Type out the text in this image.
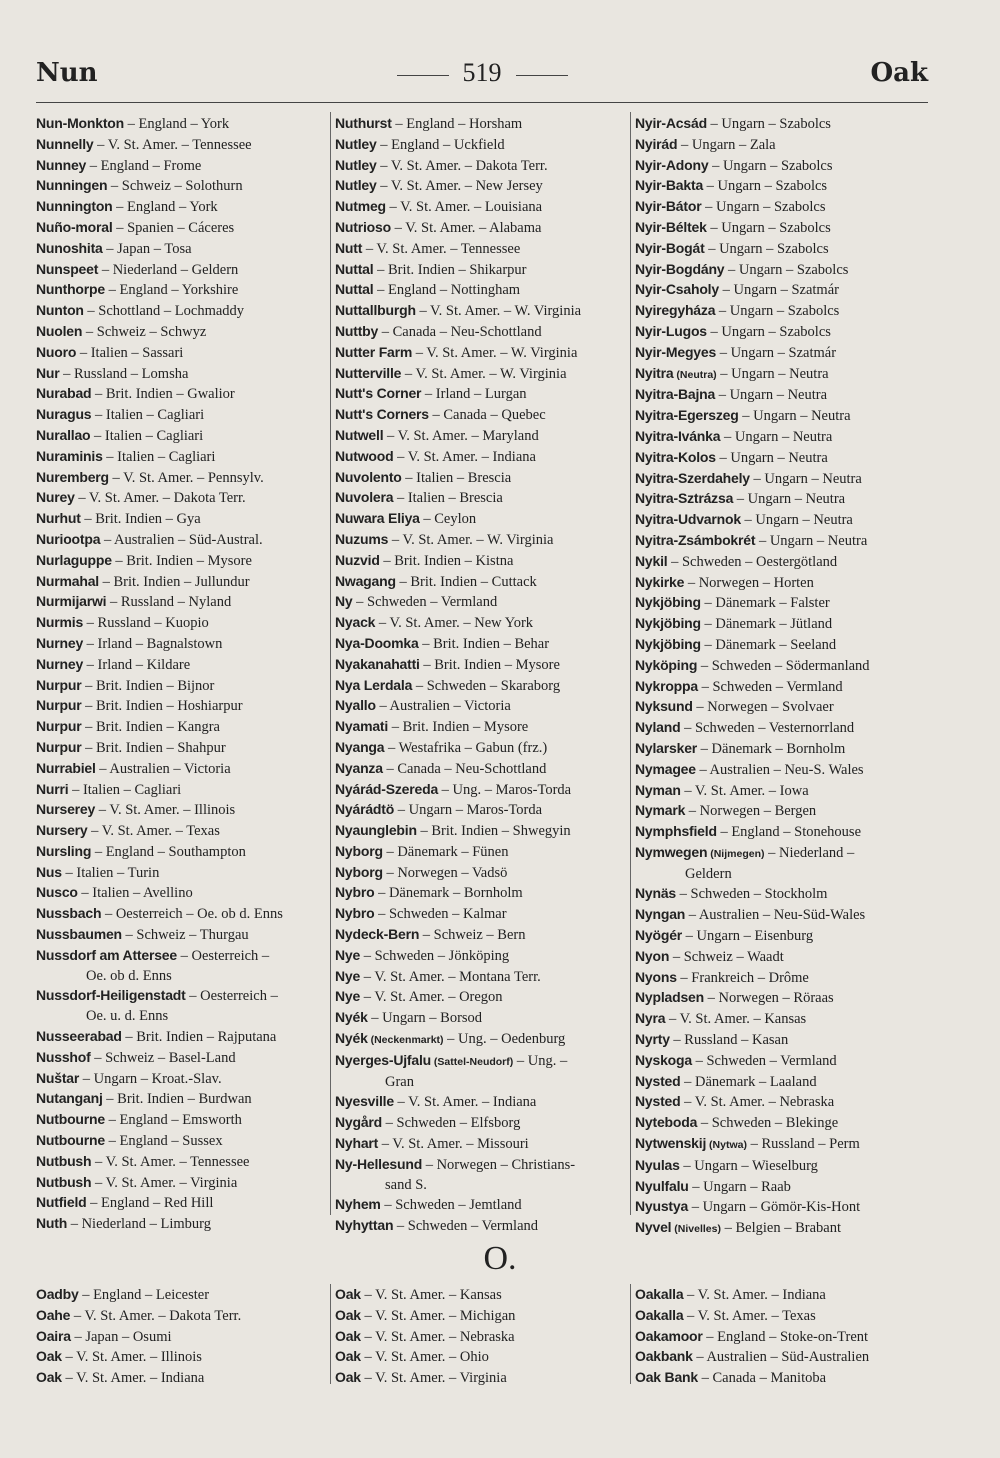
Nun	519	Oak
Nun-Monkton – England – York
Nunnelly – V. St. Amer. – Tennessee
Nunney – England – Frome
Nunningen – Schweiz – Solothurn
Nunnington – England – York
Nuño-moral – Spanien – Cáceres
Nunoshita – Japan – Tosa
Nunspeet – Niederland – Geldern
Nunthorpe – England – Yorkshire
Nunton – Schottland – Lochmaddy
Nuolen – Schweiz – Schwyz
Nuoro – Italien – Sassari
Nur – Russland – Lomsha
Nurabad – Brit. Indien – Gwalior
Nuragus – Italien – Cagliari
Nurallao – Italien – Cagliari
Nuraminis – Italien – Cagliari
Nuremberg – V. St. Amer. – Pennsylv.
Nurey – V. St. Amer. – Dakota Terr.
Nurhut – Brit. Indien – Gya
Nuriootpa – Australien – Süd-Austral.
Nurlaguppe – Brit. Indien – Mysore
Nurmahal – Brit. Indien – Jullundur
Nurmijarwi – Russland – Nyland
Nurmis – Russland – Kuopio
Nurney – Irland – Bagnalstown
Nurney – Irland – Kildare
Nurpur – Brit. Indien – Bijnor
Nurpur – Brit. Indien – Hoshiarpur
Nurpur – Brit. Indien – Kangra
Nurpur – Brit. Indien – Shahpur
Nurrabiel – Australien – Victoria
Nurri – Italien – Cagliari
Nurserey – V. St. Amer. – Illinois
Nursery – V. St. Amer. – Texas
Nursling – England – Southampton
Nus – Italien – Turin
Nusco – Italien – Avellino
Nussbach – Oesterreich – Oe. ob d. Enns
Nussbaumen – Schweiz – Thurgau
Nussdorf am Attersee – Oesterreich –
Oe. ob d. Enns
Nussdorf-Heiligenstadt – Oesterreich –
Oe. u. d. Enns
Nusseerabad – Brit. Indien – Rajputana
Nusshof – Schweiz – Basel-Land
Nuštar – Ungarn – Kroat.-Slav.
Nutanganj – Brit. Indien – Burdwan
Nutbourne – England – Emsworth
Nutbourne – England – Sussex
Nutbush – V. St. Amer. – Tennessee
Nutbush – V. St. Amer. – Virginia
Nutfield – England – Red Hill
Nuth – Niederland – Limburg
Nuthurst – England – Horsham
Nutley – England – Uckfield
Nutley – V. St. Amer. – Dakota Terr.
Nutley – V. St. Amer. – New Jersey
Nutmeg – V. St. Amer. – Louisiana
Nutrioso – V. St. Amer. – Alabama
Nutt – V. St. Amer. – Tennessee
Nuttal – Brit. Indien – Shikarpur
Nuttal – England – Nottingham
Nuttallburgh – V. St. Amer. – W. Virginia
Nuttby – Canada – Neu-Schottland
Nutter Farm – V. St. Amer. – W. Virginia
Nutterville – V. St. Amer. – W. Virginia
Nutt's Corner – Irland – Lurgan
Nutt's Corners – Canada – Quebec
Nutwell – V. St. Amer. – Maryland
Nutwood – V. St. Amer. – Indiana
Nuvolento – Italien – Brescia
Nuvolera – Italien – Brescia
Nuwara Eliya – Ceylon
Nuzums – V. St. Amer. – W. Virginia
Nuzvid – Brit. Indien – Kistna
Nwagang – Brit. Indien – Cuttack
Ny – Schweden – Vermland
Nyack – V. St. Amer. – New York
Nya-Doomka – Brit. Indien – Behar
Nyakanahatti – Brit. Indien – Mysore
Nya Lerdala – Schweden – Skaraborg
Nyallo – Australien – Victoria
Nyamati – Brit. Indien – Mysore
Nyanga – Westafrika – Gabun (frz.)
Nyanza – Canada – Neu-Schottland
Nyárád-Szereda – Ung. – Maros-Torda
Nyárádtö – Ungarn – Maros-Torda
Nyaunglebin – Brit. Indien – Shwegyin
Nyborg – Dänemark – Fünen
Nyborg – Norwegen – Vadsö
Nybro – Dänemark – Bornholm
Nybro – Schweden – Kalmar
Nydeck-Bern – Schweiz – Bern
Nye – Schweden – Jönköping
Nye – V. St. Amer. – Montana Terr.
Nye – V. St. Amer. – Oregon
Nyék – Ungarn – Borsod
Nyék (Neckenmarkt) – Ung. – Oedenburg
Nyerges-Ujfalu (Sattel-Neudorf) – Ung. –
Gran
Nyesville – V. St. Amer. – Indiana
Nygård – Schweden – Elfsborg
Nyhart – V. St. Amer. – Missouri
Ny-Hellesund – Norwegen – Christians-
sand S.
Nyhem – Schweden – Jemtland
Nyhyttan – Schweden – Vermland
Nyir-Acsád – Ungarn – Szabolcs
Nyirád – Ungarn – Zala
Nyir-Adony – Ungarn – Szabolcs
Nyir-Bakta – Ungarn – Szabolcs
Nyir-Bátor – Ungarn – Szabolcs
Nyir-Béltek – Ungarn – Szabolcs
Nyir-Bogát – Ungarn – Szabolcs
Nyir-Bogdány – Ungarn – Szabolcs
Nyir-Csaholy – Ungarn – Szatmár
Nyiregyháza – Ungarn – Szabolcs
Nyir-Lugos – Ungarn – Szabolcs
Nyir-Megyes – Ungarn – Szatmár
Nyitra (Neutra) – Ungarn – Neutra
Nyitra-Bajna – Ungarn – Neutra
Nyitra-Egerszeg – Ungarn – Neutra
Nyitra-Ivánka – Ungarn – Neutra
Nyitra-Kolos – Ungarn – Neutra
Nyitra-Szerdahely – Ungarn – Neutra
Nyitra-Sztrázsa – Ungarn – Neutra
Nyitra-Udvarnok – Ungarn – Neutra
Nyitra-Zsámbokrét – Ungarn – Neutra
Nykil – Schweden – Oestergötland
Nykirke – Norwegen – Horten
Nykjöbing – Dänemark – Falster
Nykjöbing – Dänemark – Jütland
Nykjöbing – Dänemark – Seeland
Nyköping – Schweden – Södermanland
Nykroppa – Schweden – Vermland
Nyksund – Norwegen – Svolvaer
Nyland – Schweden – Vesternorrland
Nylarsker – Dänemark – Bornholm
Nymagee – Australien – Neu-S. Wales
Nyman – V. St. Amer. – Iowa
Nymark – Norwegen – Bergen
Nymphsfield – England – Stonehouse
Nymwegen (Nijmegen) – Niederland –
Geldern
Nynäs – Schweden – Stockholm
Nyngan – Australien – Neu-Süd-Wales
Nyögér – Ungarn – Eisenburg
Nyon – Schweiz – Waadt
Nyons – Frankreich – Drôme
Nypladsen – Norwegen – Röraas
Nyra – V. St. Amer. – Kansas
Nyrty – Russland – Kasan
Nyskoga – Schweden – Vermland
Nysted – Dänemark – Laaland
Nysted – V. St. Amer. – Nebraska
Nyteboda – Schweden – Blekinge
Nytwenskij (Nytwa) – Russland – Perm
Nyulas – Ungarn – Wieselburg
Nyulfalu – Ungarn – Raab
Nyustya – Ungarn – Gömör-Kis-Hont
Nyvel (Nivelles) – Belgien – Brabant
O.
Oadby – England – Leicester
Oahe – V. St. Amer. – Dakota Terr.
Oaira – Japan – Osumi
Oak – V. St. Amer. – Illinois
Oak – V. St. Amer. – Indiana
Oak – V. St. Amer. – Kansas
Oak – V. St. Amer. – Michigan
Oak – V. St. Amer. – Nebraska
Oak – V. St. Amer. – Ohio
Oak – V. St. Amer. – Virginia
Oakalla – V. St. Amer. – Indiana
Oakalla – V. St. Amer. – Texas
Oakamoor – England – Stoke-on-Trent
Oakbank – Australien – Süd-Australien
Oak Bank – Canada – Manitoba
